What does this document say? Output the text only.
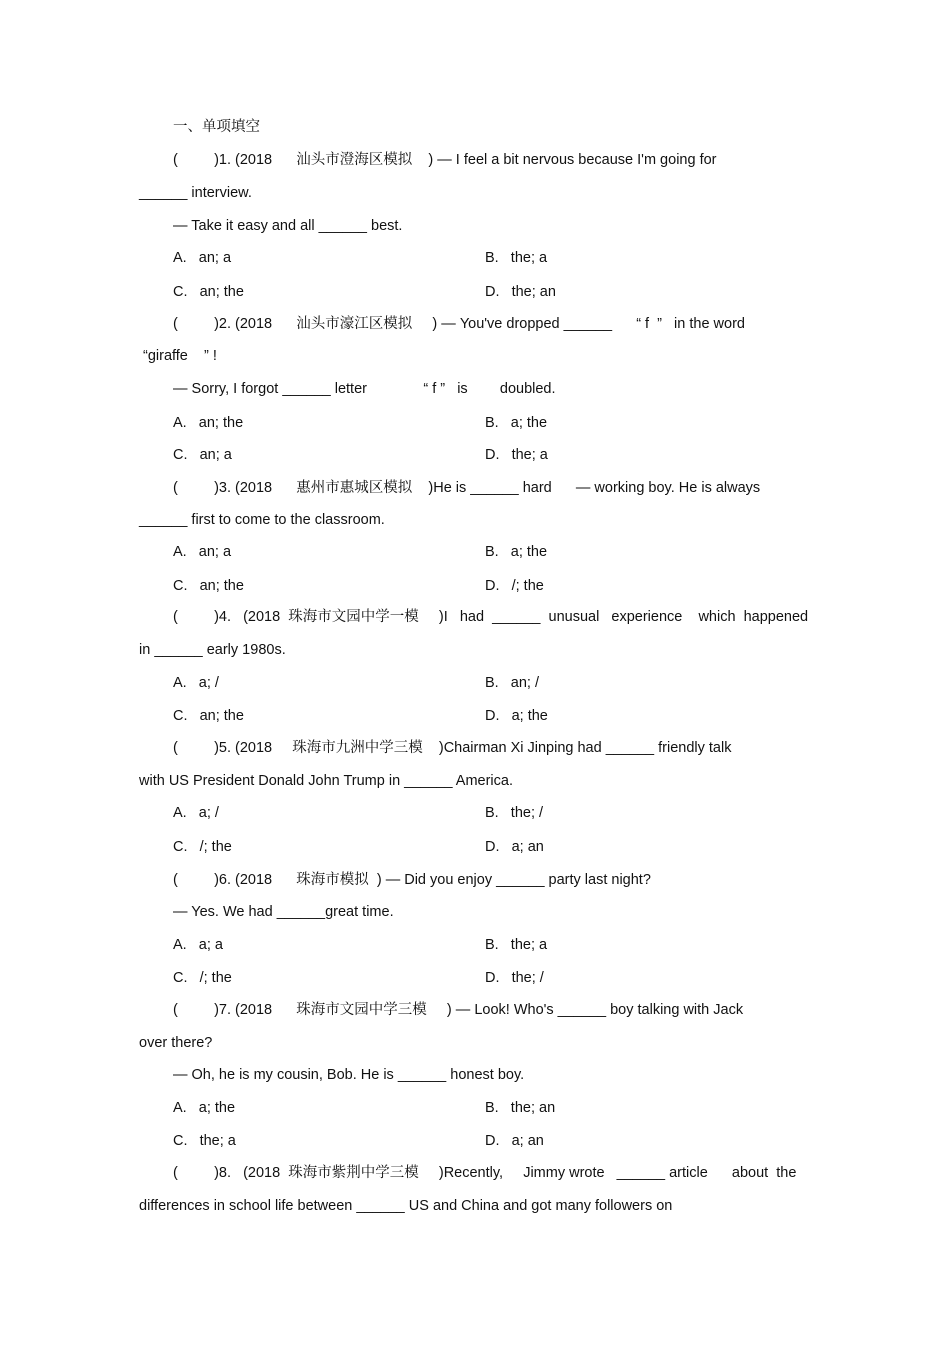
一、单项填空
(         )1. (2018      汕头市澄海区模拟    ) — I feel a bit nervous because I'm going for
______ interview.
— Take it easy and all ______ best.
A.   an; a	B.   the; a
C.   an; the	D.   the; an
(         )2. (2018      汕头市濠江区模拟     ) — You've dropped ______      “ f  ”   in the word
“giraffe    ” !
— Sorry, I forgot ______ letter              “ f ”   is        doubled.
A.   an; the	B.   a; the
C.   an; a	D.   the; a
(         )3. (2018      惠州市惠城区模拟    )He is ______ hard      — working boy. He is always
______ first to come to the classroom.
A.   an; a	B.   a; the
C.   an; the	D.   /; the
(         )4.   (2018  珠海市文园中学一模     )I   had  ______  unusual   experience    which  happened
in ______ early 1980s.
A.   a; /	B.   an; /
C.   an; the	D.   a; the
(         )5. (2018     珠海市九洲中学三模    )Chairman Xi Jinping had ______ friendly talk
with US President Donald John Trump in ______ America.
A.   a; /	B.   the; /
C.   /; the	D.   a; an
(         )6. (2018      珠海市模拟  ) — Did you enjoy ______ party last night?
— Yes. We had ______great time.
A.   a; a	B.   the; a
C.   /; the	D.   the; /
(         )7. (2018      珠海市文园中学三模     ) — Look! Who's ______ boy talking with Jack
over there?
— Oh, he is my cousin, Bob. He is ______ honest boy.
A.   a; the	B.   the; an
C.   the; a	D.   a; an
(         )8.   (2018  珠海市紫荆中学三模     )Recently,     Jimmy wrote   ______ article      about  the
differences in school life between ______ US and China and got many followers on
